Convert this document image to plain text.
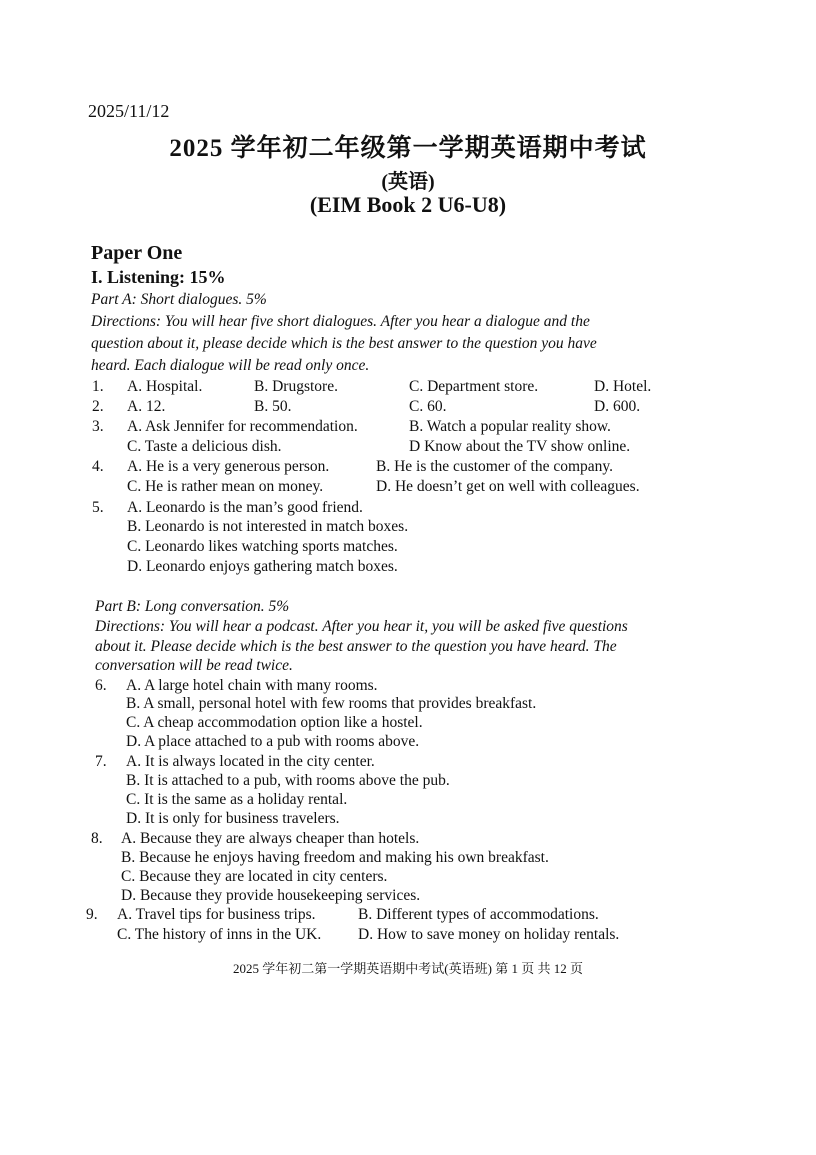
2025/11/12
2025 学年初二年级第一学期英语期中考试
(英语)
(EIM Book 2 U6-U8)
Paper One
I. Listening: 15%
Part A: Short dialogues. 5%
Directions: You will hear five short dialogues. After you hear a dialogue and the
question about it, please decide which is the best answer to the question you have
heard. Each dialogue will be read only once.
1. A. Hospital.	B. Drugstore.	C. Department store.	D. Hotel.
2. A. 12.	B. 50.	C. 60.	D. 600.
3. A. Ask Jennifer for recommendation.	B. Watch a popular reality show.
C. Taste a delicious dish.	D Know about the TV show online.
4. A. He is a very generous person.	B. He is the customer of the company.
C. He is rather mean on money.	D. He doesn’t get on well with colleagues.
5. A. Leonardo is the man’s good friend.
B. Leonardo is not interested in match boxes.
C. Leonardo likes watching sports matches.
D. Leonardo enjoys gathering match boxes.
Part B: Long conversation. 5%
Directions: You will hear a podcast. After you hear it, you will be asked five questions
about it. Please decide which is the best answer to the question you have heard. The
conversation will be read twice.
6. A. A large hotel chain with many rooms.
B. A small, personal hotel with few rooms that provides breakfast.
C. A cheap accommodation option like a hostel.
D. A place attached to a pub with rooms above.
7. A. It is always located in the city center.
B. It is attached to a pub, with rooms above the pub.
C. It is the same as a holiday rental.
D. It is only for business travelers.
8. A. Because they are always cheaper than hotels.
B. Because he enjoys having freedom and making his own breakfast.
C. Because they are located in city centers.
D. Because they provide housekeeping services.
9. A. Travel tips for business trips.	B. Different types of accommodations.
C. The history of inns in the UK. D. How to save money on holiday rentals.
2025 学年初二第一学期英语期中考试(英语班) 第 1 页 共 12 页
